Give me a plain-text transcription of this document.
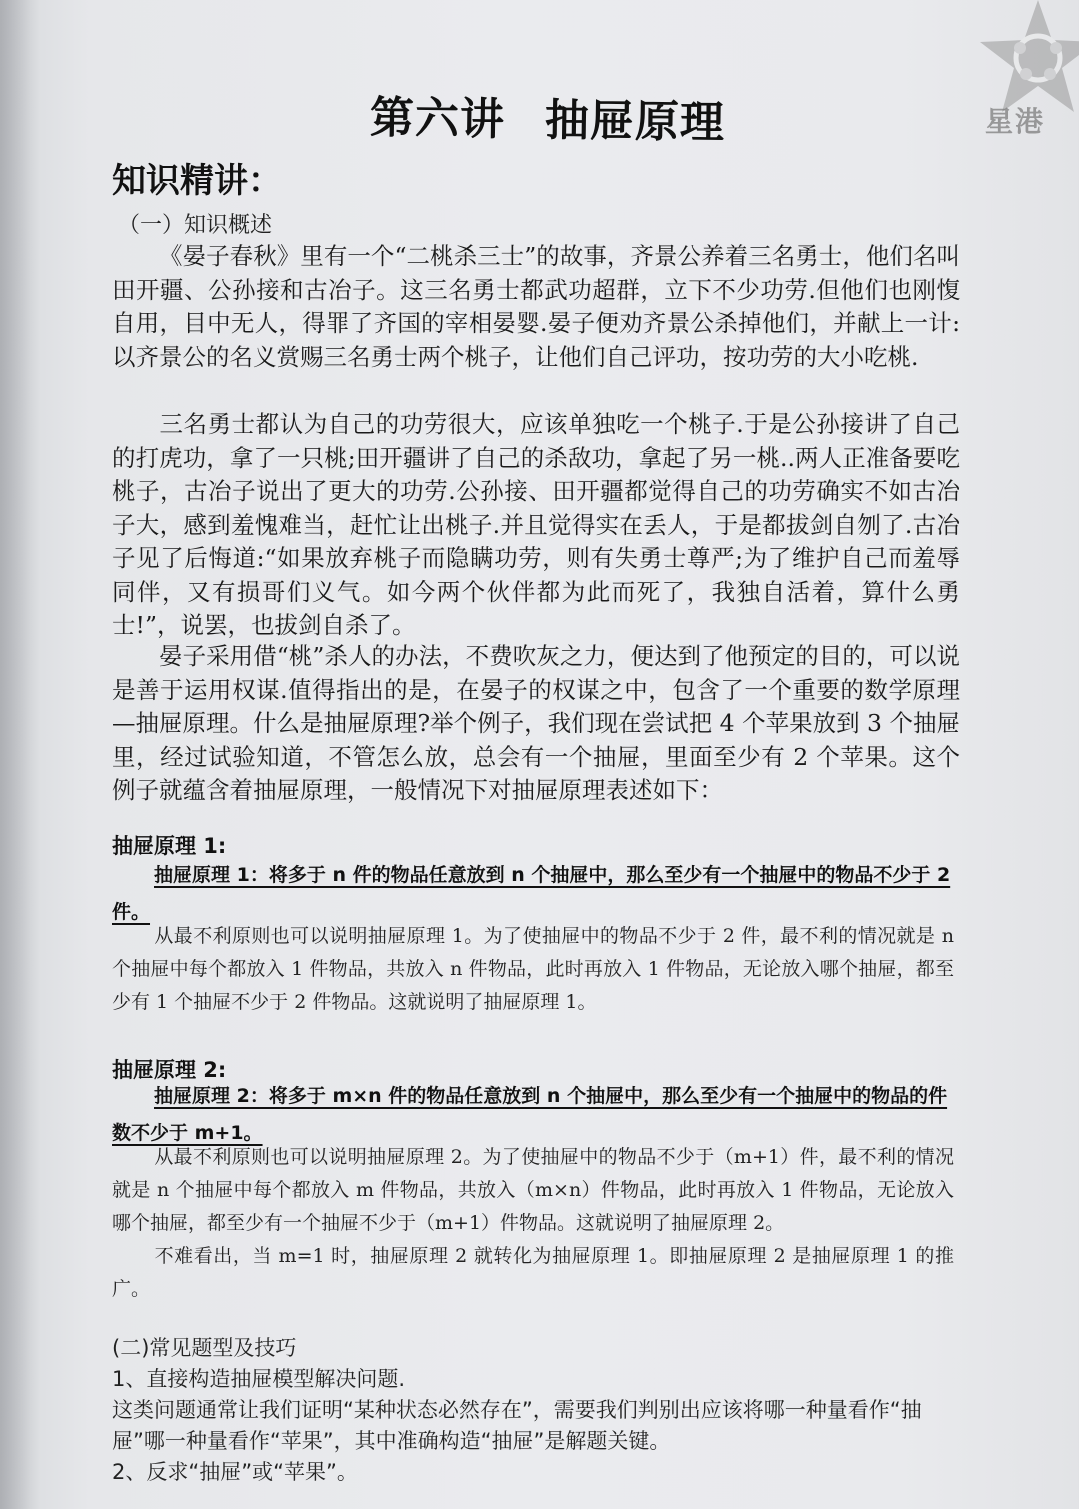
星港
第六讲 抽屉原理
知识精讲：
（一）知识概述
《晏子春秋》里有一个“二桃杀三士”的故事，齐景公养着三名勇士，他们名叫田开疆、公孙接和古冶子。这三名勇士都武功超群，立下不少功劳.但他们也刚愎自用，目中无人，得罪了齐国的宰相晏婴.晏子便劝齐景公杀掉他们，并献上一计:以齐景公的名义赏赐三名勇士两个桃子，让他们自己评功，按功劳的大小吃桃.
三名勇士都认为自己的功劳很大，应该单独吃一个桃子.于是公孙接讲了自己的打虎功，拿了一只桃;田开疆讲了自己的杀敌功，拿起了另一桃..两人正准备要吃桃子，古冶子说出了更大的功劳.公孙接、田开疆都觉得自己的功劳确实不如古冶子大，感到羞愧难当，赶忙让出桃子.并且觉得实在丢人，于是都拔剑自刎了.古冶子见了后悔道:“如果放弃桃子而隐瞒功劳，则有失勇士尊严;为了维护自己而羞辱同伴，又有损哥们义气。如今两个伙伴都为此而死了，我独自活着，算什么勇士!”，说罢，也拔剑自杀了。
晏子采用借“桃”杀人的办法，不费吹灰之力，便达到了他预定的目的，可以说是善于运用权谋.值得指出的是，在晏子的权谋之中，包含了一个重要的数学原理—抽屉原理。什么是抽屉原理?举个例子，我们现在尝试把 4 个苹果放到 3 个抽屉里，经过试验知道，不管怎么放，总会有一个抽屉，里面至少有 2 个苹果。这个例子就蕴含着抽屉原理，一般情况下对抽屉原理表述如下：
抽屉原理 1:
抽屉原理 1：将多于 n 件的物品任意放到 n 个抽屉中，那么至少有一个抽屉中的物品不少于 2 件。
从最不利原则也可以说明抽屉原理 1。为了使抽屉中的物品不少于 2 件，最不利的情况就是 n 个抽屉中每个都放入 1 件物品，共放入 n 件物品，此时再放入 1 件物品，无论放入哪个抽屉，都至少有 1 个抽屉不少于 2 件物品。这就说明了抽屉原理 1。
抽屉原理 2:
抽屉原理 2：将多于 m×n 件的物品任意放到 n 个抽屉中，那么至少有一个抽屉中的物品的件数不少于 m+1。
从最不利原则也可以说明抽屉原理 2。为了使抽屉中的物品不少于（m+1）件，最不利的情况就是 n 个抽屉中每个都放入 m 件物品，共放入（m×n）件物品，此时再放入 1 件物品，无论放入哪个抽屉，都至少有一个抽屉不少于（m+1）件物品。这就说明了抽屉原理 2。
不难看出，当 m=1 时，抽屉原理 2 就转化为抽屉原理 1。即抽屉原理 2 是抽屉原理 1 的推广。
(二)常见题型及技巧
1、直接构造抽屉模型解决问题.
这类问题通常让我们证明“某种状态必然存在”，需要我们判别出应该将哪一种量看作“抽屉”哪一种量看作“苹果”，其中准确构造“抽屉”是解题关键。
2、反求“抽屉”或“苹果”。
